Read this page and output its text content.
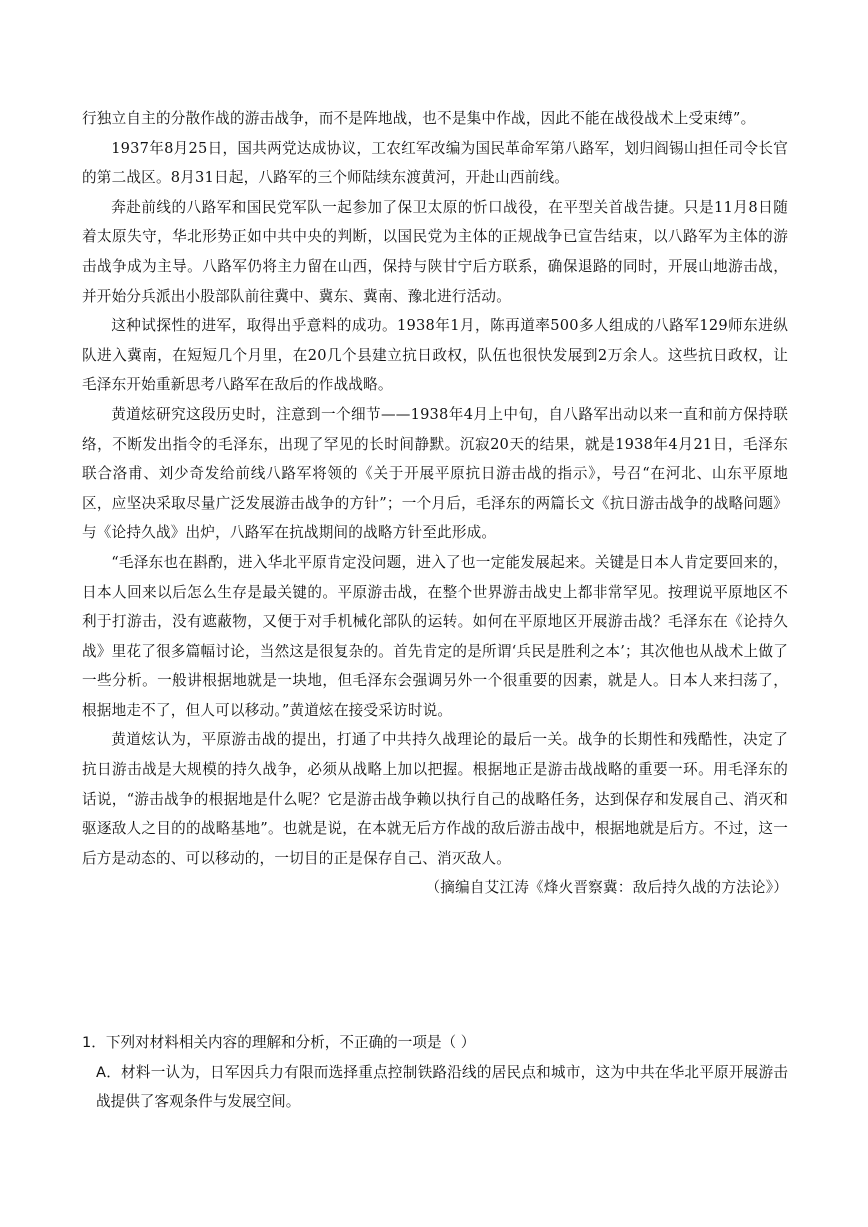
行独立自主的分散作战的游击战争，而不是阵地战，也不是集中作战，因此不能在战役战术上受束缚”。

1937年8月25日，国共两党达成协议，工农红军改编为国民革命军第八路军，划归阎锡山担任司令长官的第二战区。8月31日起，八路军的三个师陆续东渡黄河，开赴山西前线。

奔赴前线的八路军和国民党军队一起参加了保卫太原的忻口战役，在平型关首战告捷。只是11月8日随着太原失守，华北形势正如中共中央的判断，以国民党为主体的正规战争已宣告结束，以八路军为主体的游击战争成为主导。八路军仍将主力留在山西，保持与陕甘宁后方联系，确保退路的同时，开展山地游击战，并开始分兵派出小股部队前往冀中、冀东、冀南、豫北进行活动。

这种试探性的进军，取得出乎意料的成功。1938年1月，陈再道率500多人组成的八路军129师东进纵队进入冀南，在短短几个月里，在20几个县建立抗日政权，队伍也很快发展到2万余人。这些抗日政权，让毛泽东开始重新思考八路军在敌后的作战战略。

黄道炫研究这段历史时，注意到一个细节——1938年4月上中旬，自八路军出动以来一直和前方保持联络，不断发出指令的毛泽东，出现了罕见的长时间静默。沉寂20天的结果，就是1938年4月21日，毛泽东联合洛甫、刘少奇发给前线八路军将领的《关于开展平原抗日游击战的指示》，号召“在河北、山东平原地区，应坚决采取尽量广泛发展游击战争的方针”；一个月后，毛泽东的两篇长文《抗日游击战争的战略问题》与《论持久战》出炉，八路军在抗战期间的战略方针至此形成。

“毛泽东也在斟酌，进入华北平原肯定没问题，进入了也一定能发展起来。关键是日本人肯定要回来的，日本人回来以后怎么生存是最关键的。平原游击战，在整个世界游击战史上都非常罕见。按理说平原地区不利于打游击，没有遮蔽物，又便于对手机械化部队的运转。如何在平原地区开展游击战？毛泽东在《论持久战》里花了很多篇幅讨论，当然这是很复杂的。首先肯定的是所谓‘兵民是胜利之本’；其次他也从战术上做了一些分析。一般讲根据地就是一块地，但毛泽东会强调另外一个很重要的因素，就是人。日本人来扫荡了，根据地走不了，但人可以移动。”黄道炫在接受采访时说。

黄道炫认为，平原游击战的提出，打通了中共持久战理论的最后一关。战争的长期性和残酷性，决定了抗日游击战是大规模的持久战争，必须从战略上加以把握。根据地正是游击战战略的重要一环。用毛泽东的话说，“游击战争的根据地是什么呢？它是游击战争赖以执行自己的战略任务，达到保存和发展自己、消灭和驱逐敌人之目的的战略基地”。也就是说，在本就无后方作战的敌后游击战中，根据地就是后方。不过，这一后方是动态的、可以移动的，一切目的正是保存自己、消灭敌人。

（摘编自艾江涛《烽火晋察冀：敌后持久战的方法论》）

1．下列对材料相关内容的理解和分析，不正确的一项是（ ）

A．材料一认为，日军因兵力有限而选择重点控制铁路沿线的居民点和城市，这为中共在华北平原开展游击战提供了客观条件与发展空间。
